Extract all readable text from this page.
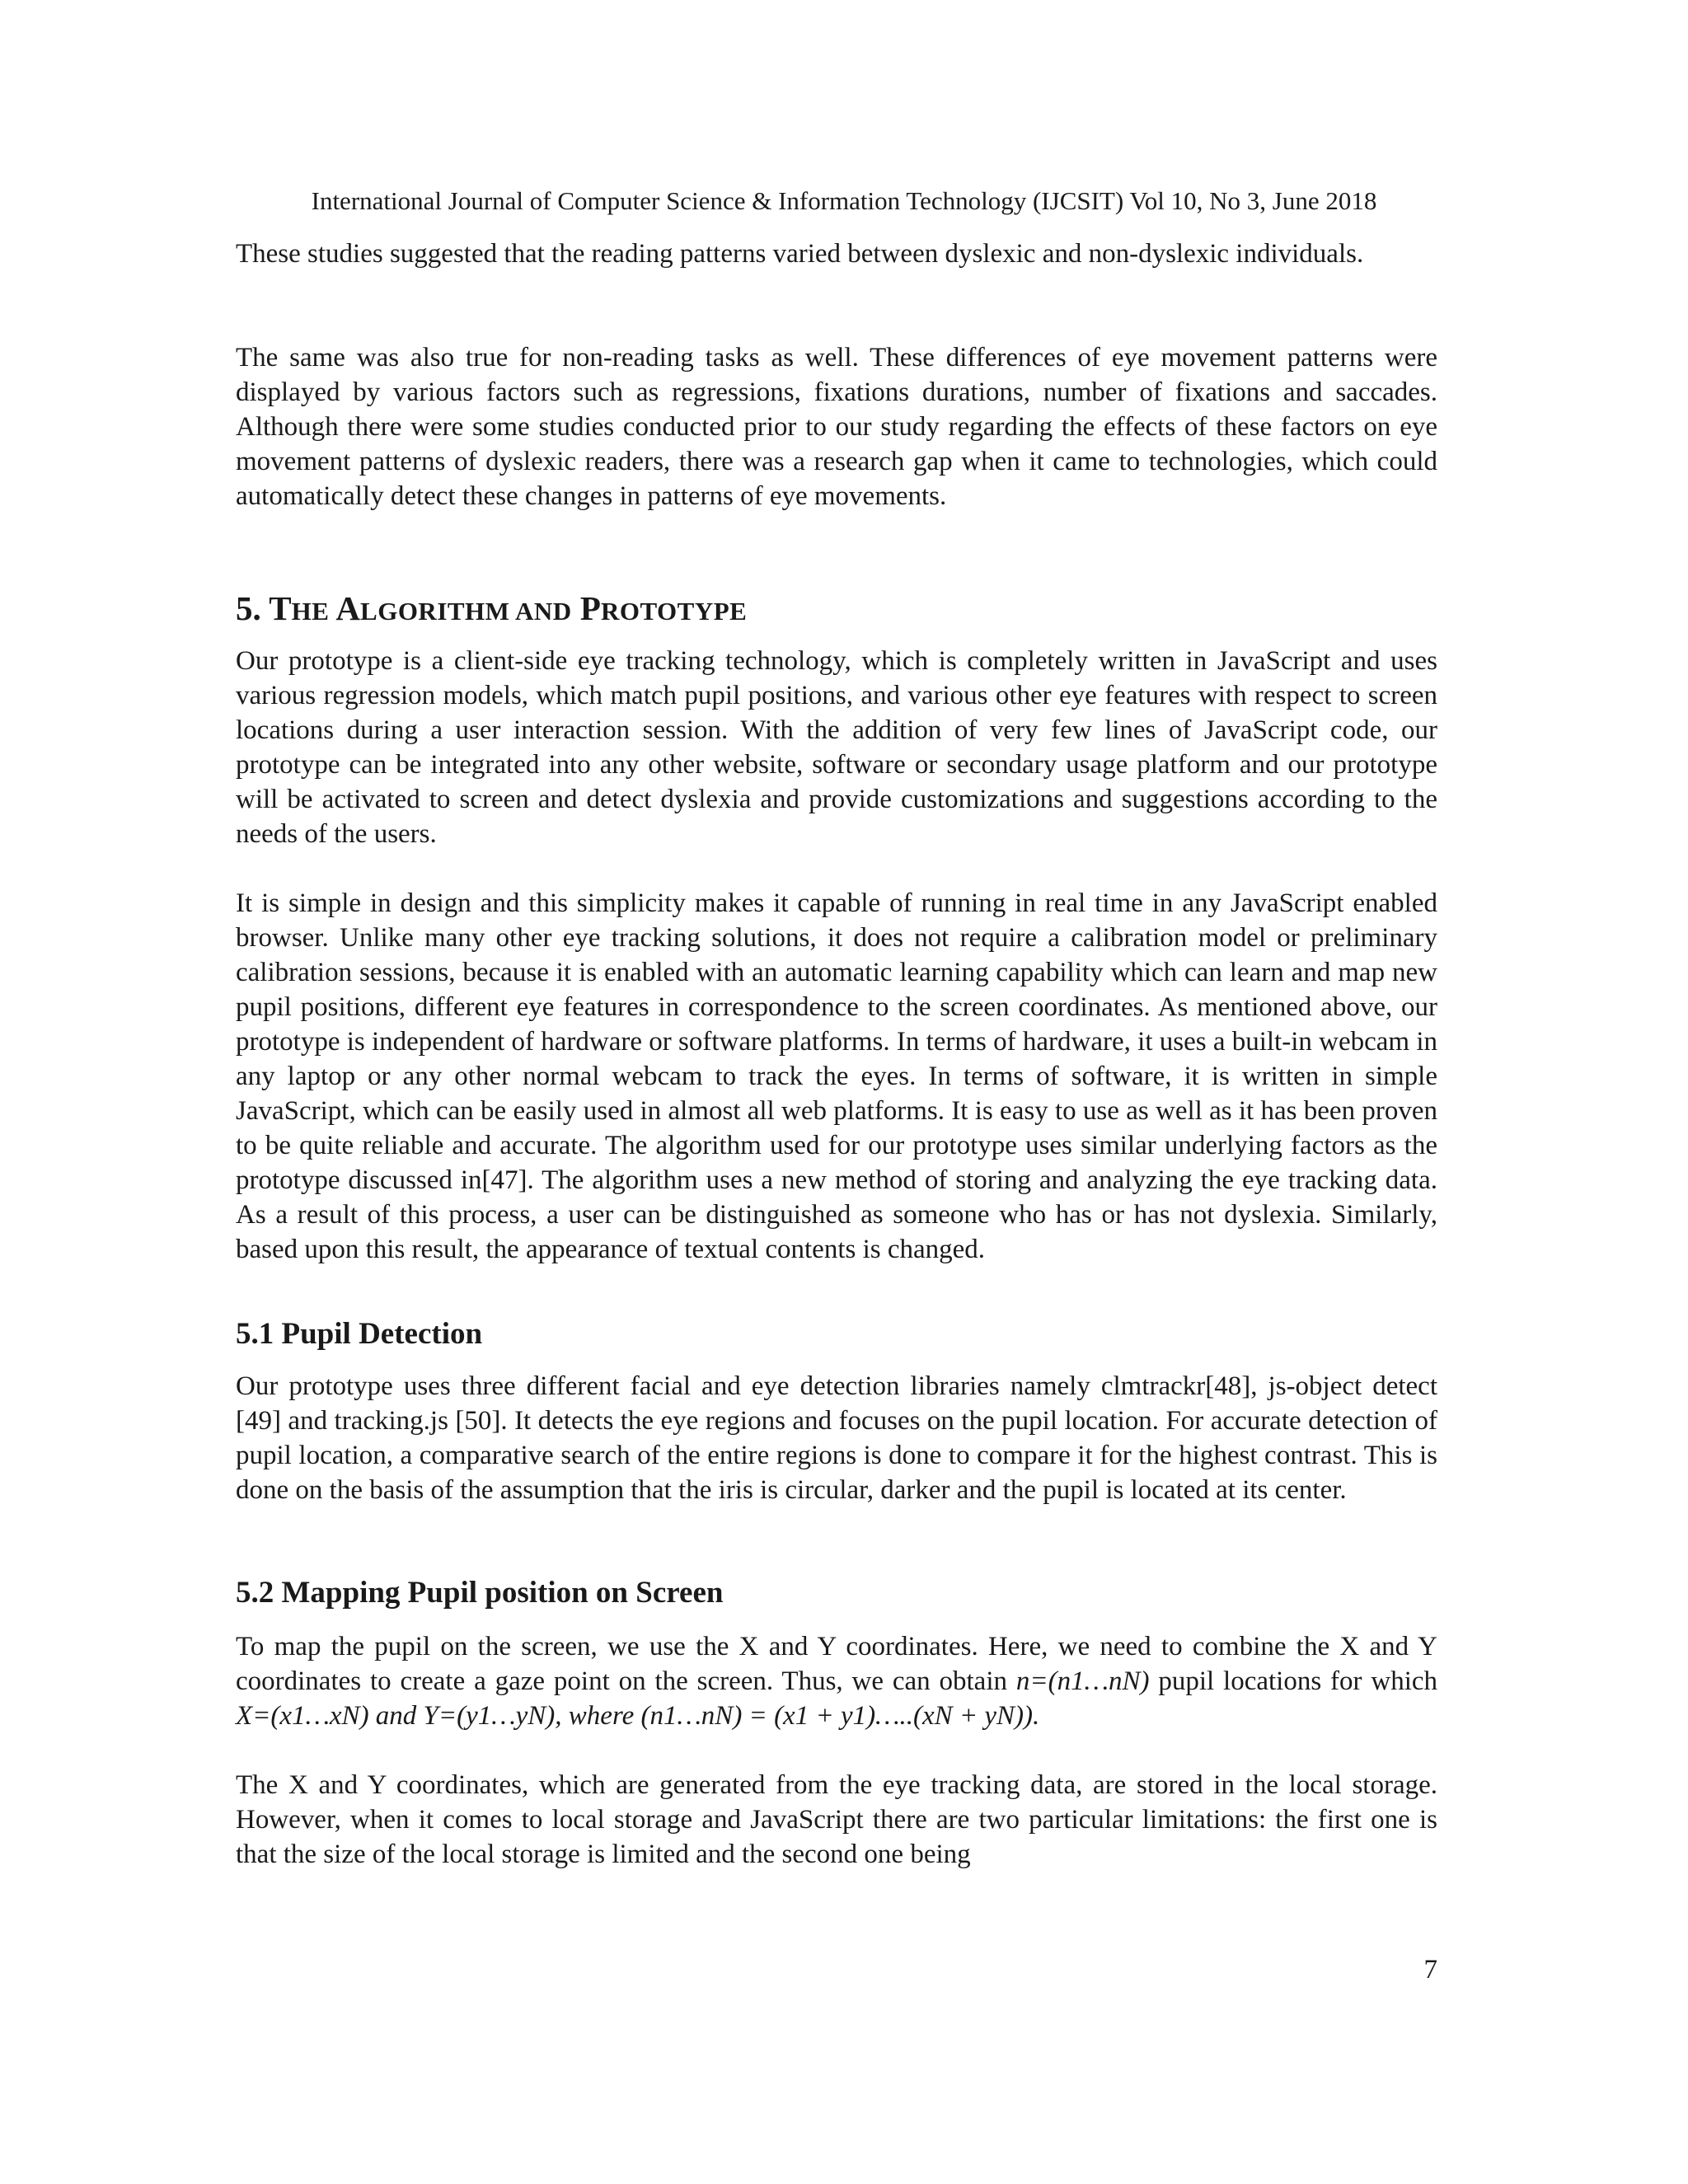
International Journal of Computer Science & Information Technology (IJCSIT) Vol 10, No 3, June 2018

These studies suggested that the reading patterns varied between dyslexic and non-dyslexic individuals.

The same was also true for non-reading tasks as well. These differences of eye movement patterns were displayed by various factors such as regressions, fixations durations, number of fixations and saccades. Although there were some studies conducted prior to our study regarding the effects of these factors on eye movement patterns of dyslexic readers, there was a research gap when it came to technologies, which could automatically detect these changes in patterns of eye movements.

5. THE ALGORITHM AND PROTOTYPE

Our prototype is a client-side eye tracking technology, which is completely written in JavaScript and uses various regression models, which match pupil positions, and various other eye features with respect to screen locations during a user interaction session. With the addition of very few lines of JavaScript code, our prototype can be integrated into any other website, software or secondary usage platform and our prototype will be activated to screen and detect dyslexia and provide customizations and suggestions according to the needs of the users.

It is simple in design and this simplicity makes it capable of running in real time in any JavaScript enabled browser. Unlike many other eye tracking solutions, it does not require a calibration model or preliminary calibration sessions, because it is enabled with an automatic learning capability which can learn and map new pupil positions, different eye features in correspondence to the screen coordinates. As mentioned above, our prototype is independent of hardware or software platforms. In terms of hardware, it uses a built-in webcam in any laptop or any other normal webcam to track the eyes. In terms of software, it is written in simple JavaScript, which can be easily used in almost all web platforms. It is easy to use as well as it has been proven to be quite reliable and accurate. The algorithm used for our prototype uses similar underlying factors as the prototype discussed in[47]. The algorithm uses a new method of storing and analyzing the eye tracking data. As a result of this process, a user can be distinguished as someone who has or has not dyslexia. Similarly, based upon this result, the appearance of textual contents is changed.

5.1 Pupil Detection

Our prototype uses three different facial and eye detection libraries namely clmtrackr[48], js-object detect [49] and tracking.js [50]. It detects the eye regions and focuses on the pupil location. For accurate detection of pupil location, a comparative search of the entire regions is done to compare it for the highest contrast. This is done on the basis of the assumption that the iris is circular, darker and the pupil is located at its center.

5.2 Mapping Pupil position on Screen

To map the pupil on the screen, we use the X and Y coordinates. Here, we need to combine the X and Y coordinates to create a gaze point on the screen. Thus, we can obtain n=(n1…nN) pupil locations for which X=(x1…xN) and Y=(y1…yN), where (n1…nN) = (x1 + y1)…..(xN + yN)).

The X and Y coordinates, which are generated from the eye tracking data, are stored in the local storage. However, when it comes to local storage and JavaScript there are two particular limitations: the first one is that the size of the local storage is limited and the second one being

7
